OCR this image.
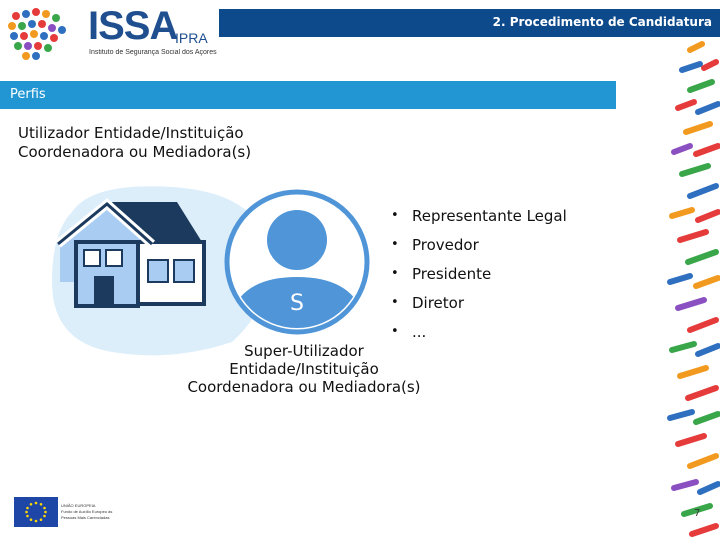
ISSA
IPRA
Instituto de Segurança Social dos Açores
2. Procedimento de Candidatura
Perfis
Utilizador Entidade/Instituição
Coordenadora ou Mediadora(s)
S
• Representante Legal
• Provedor
• Presidente
• Diretor
• ...
Super-Utilizador
Entidade/Instituição
Coordenadora ou Mediadora(s)
UNIÃO EUROPEIA
Fundo de Auxílio Europeu às Pessoas Mais Carenciadas	7
